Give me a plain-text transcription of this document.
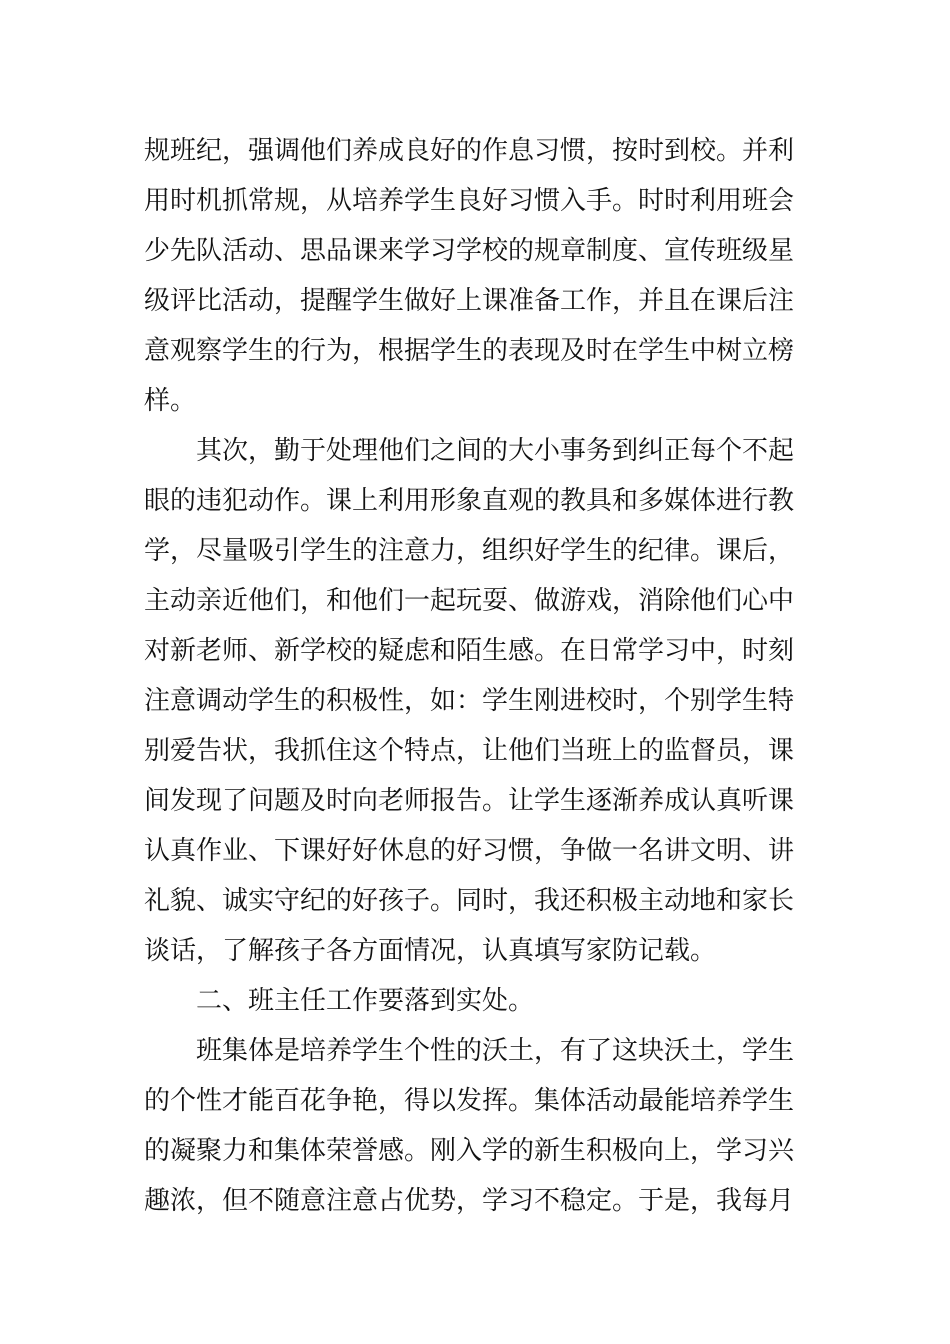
规班纪，强调他们养成良好的作息习惯，按时到校。并利
用时机抓常规，从培养学生良好习惯入手。时时利用班会
少先队活动、思品课来学习学校的规章制度、宣传班级星
级评比活动，提醒学生做好上课准备工作，并且在课后注
意观察学生的行为，根据学生的表现及时在学生中树立榜
样。
其次，勤于处理他们之间的大小事务到纠正每个不起
眼的违犯动作。课上利用形象直观的教具和多媒体进行教
学，尽量吸引学生的注意力，组织好学生的纪律。课后，
主动亲近他们，和他们一起玩耍、做游戏，消除他们心中
对新老师、新学校的疑虑和陌生感。在日常学习中，时刻
注意调动学生的积极性，如：学生刚进校时，个别学生特
别爱告状，我抓住这个特点，让他们当班上的监督员，课
间发现了问题及时向老师报告。让学生逐渐养成认真听课
认真作业、下课好好休息的好习惯，争做一名讲文明、讲
礼貌、诚实守纪的好孩子。同时，我还积极主动地和家长
谈话，了解孩子各方面情况，认真填写家防记载。
二、班主任工作要落到实处。
班集体是培养学生个性的沃土，有了这块沃土，学生
的个性才能百花争艳，得以发挥。集体活动最能培养学生
的凝聚力和集体荣誉感。刚入学的新生积极向上，学习兴
趣浓，但不随意注意占优势，学习不稳定。于是，我每月
